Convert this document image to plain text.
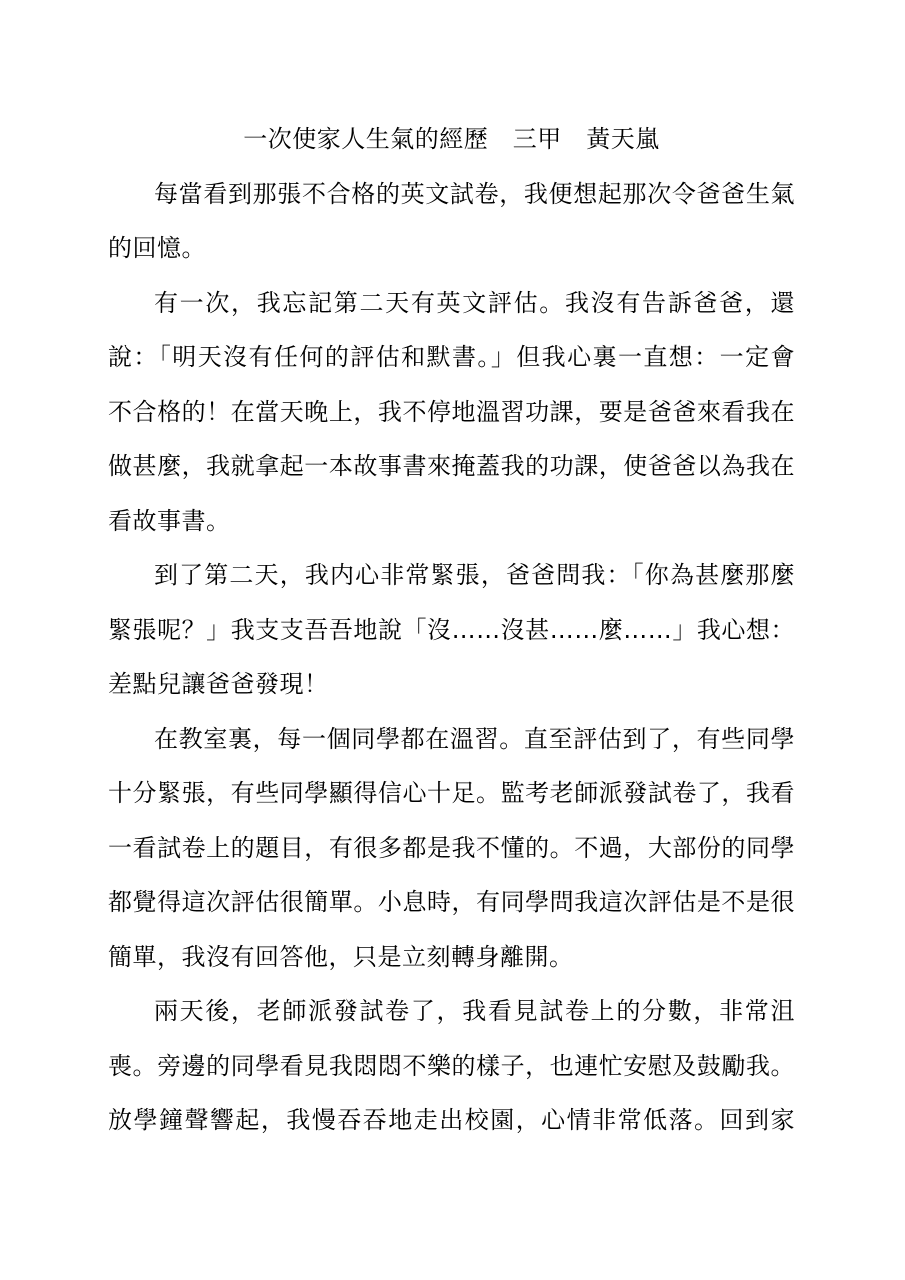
一次使家人生氣的經歷　三甲　黃天嵐
每當看到那張不合格的英文試卷，我便想起那次令爸爸生氣
的回憶。
有一次，我忘記第二天有英文評估。我沒有告訴爸爸，還
說：「明天沒有任何的評估和默書。」但我心裏一直想：一定會
不合格的！在當天晚上，我不停地溫習功課，要是爸爸來看我在
做甚麼，我就拿起一本故事書來掩蓋我的功課，使爸爸以為我在
看故事書。
到了第二天，我内心非常緊張，爸爸問我：「你為甚麼那麼
緊張呢？」我支支吾吾地說「沒……沒甚……麼……」我心想：
差點兒讓爸爸發現！
在教室裏，每一個同學都在溫習。直至評估到了，有些同學
十分緊張，有些同學顯得信心十足。監考老師派發試卷了，我看
一看試卷上的題目，有很多都是我不懂的。不過，大部份的同學
都覺得這次評估很簡單。小息時，有同學問我這次評估是不是很
簡單，我沒有回答他，只是立刻轉身離開。
兩天後，老師派發試卷了，我看見試卷上的分數，非常沮
喪。旁邊的同學看見我悶悶不樂的樣子，也連忙安慰及鼓勵我。
放學鐘聲響起，我慢吞吞地走出校園，心情非常低落。回到家
